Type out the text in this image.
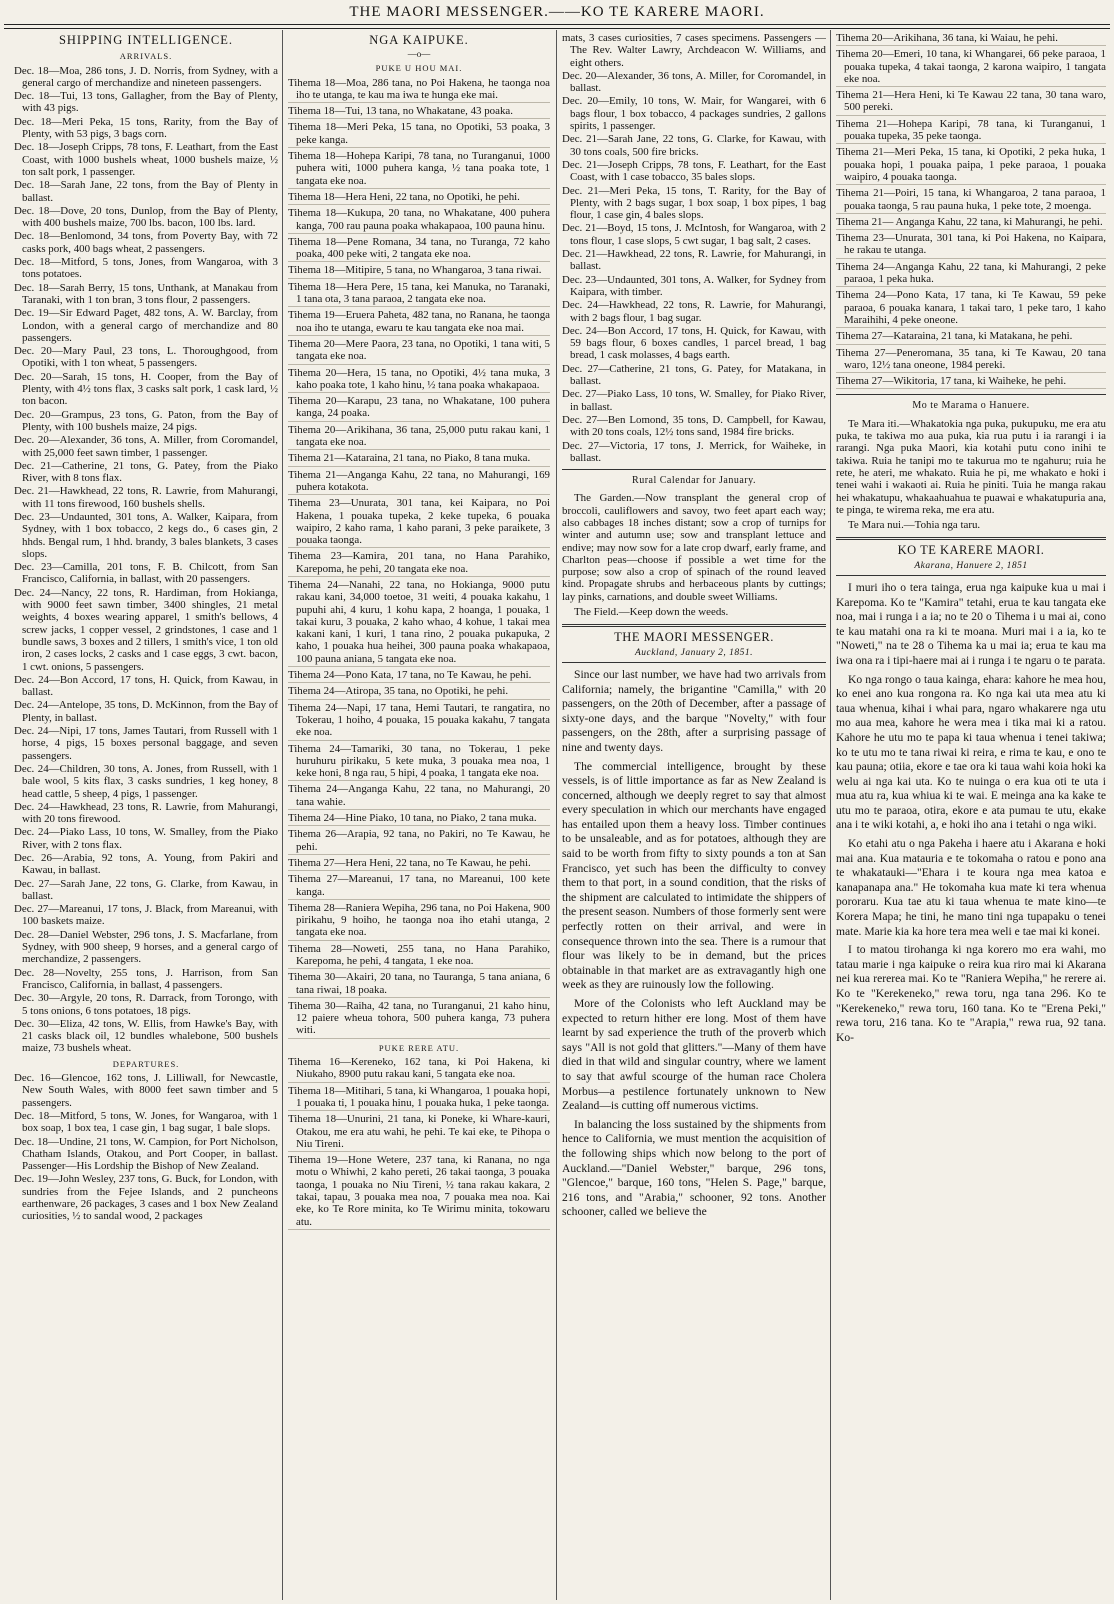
THE MAORI MESSENGER.——KO TE KARERE MAORI.
SHIPPING INTELLIGENCE.
ARRIVALS.

Dec. 18—Moa, 286 tons, J. D. Norris, from Sydney, with a general cargo of merchandize and nineteen passengers.

Dec. 18—Tui, 13 tons, Gallagher, from the Bay of Plenty, with 43 pigs.

Dec. 18—Meri Peka, 15 tons, Rarity, from the Bay of Plenty, with 53 pigs, 3 bags corn.

Dec. 18—Joseph Cripps, 78 tons, F. Leathart, from the East Coast, with 1000 bushels wheat, 1000 bushels maize, ½ ton salt pork, 1 passenger.

Dec. 18—Sarah Jane, 22 tons, from the Bay of Plenty in ballast.

Dec. 18—Dove, 20 tons, Dunlop, from the Bay of Plenty, with 400 bushels maize, 700 lbs. bacon, 100 lbs. lard.

Dec. 18—Benlomond, 34 tons, from Poverty Bay, with 72 casks pork, 400 bags wheat, 2 passengers.

Dec. 18—Mitford, 5 tons, Jones, from Wangaroa, with 3 tons potatoes.

Dec. 18—Sarah Berry, 15 tons, Unthank, at Manakau from Taranaki, with 1 ton bran, 3 tons flour, 2 passengers.

Dec. 19—Sir Edward Paget, 482 tons, A. W. Barclay, from London, with a general cargo of merchandize and 80 passengers.

Dec. 20—Mary Paul, 23 tons, L. Thoroughgood, from Opotiki, with 1 ton wheat, 5 passengers.

Dec. 20—Sarah, 15 tons, H. Cooper, from the Bay of Plenty, with 4½ tons flax, 3 casks salt pork, 1 cask lard, ½ ton bacon.

Dec. 20—Grampus, 23 tons, G. Paton, from the Bay of Plenty, with 100 bushels maize, 24 pigs.

Dec. 20—Alexander, 36 tons, A. Miller, from Coromandel, with 25,000 feet sawn timber, 1 passenger.

Dec. 21—Catherine, 21 tons, G. Patey, from the Piako River, with 8 tons flax.

Dec. 21—Hawkhead, 22 tons, R. Lawrie, from Mahurangi, with 11 tons firewood, 160 bushels shells.

Dec. 23—Undaunted, 301 tons, A. Walker, Kaipara, from Sydney, with 1 box tobacco, 2 kegs do., 6 cases gin, 2 hhds. Bengal rum, 1 hhd. brandy, 3 bales blankets, 3 cases slops.

Dec. 23—Camilla, 201 tons, F. B. Chilcott, from San Francisco, California, in ballast, with 20 passengers.

Dec. 24—Nancy, 22 tons, R. Hardiman, from Hokianga, with 9000 feet sawn timber, 3400 shingles, 21 metal weights, 4 boxes wearing apparel, 1 smith's bellows, 4 screw jacks, 1 copper vessel, 2 grindstones, 1 case and 1 bundle saws, 3 boxes and 2 tillers, 1 smith's vice, 1 ton old iron, 2 cases locks, 2 casks and 1 case eggs, 3 cwt. bacon, 1 cwt. onions, 5 passengers.

Dec. 24—Bon Accord, 17 tons, H. Quick, from Kawau, in ballast.

Dec. 24—Antelope, 35 tons, D. McKinnon, from the Bay of Plenty, in ballast.

Dec. 24—Nipi, 17 tons, James Tautari, from Russell with 1 horse, 4 pigs, 15 boxes personal baggage, and seven passengers.

Dec. 24—Children, 30 tons, A. Jones, from Russell, with 1 bale wool, 5 kits flax, 3 casks sundries, 1 keg honey, 8 head cattle, 5 sheep, 4 pigs, 1 passenger.

Dec. 24—Hawkhead, 23 tons, R. Lawrie, from Mahurangi, with 20 tons firewood.

Dec. 24—Piako Lass, 10 tons, W. Smalley, from the Piako River, with 2 tons flax.

Dec. 26—Arabia, 92 tons, A. Young, from Pakiri and Kawau, in ballast.

Dec. 27—Sarah Jane, 22 tons, G. Clarke, from Kawau, in ballast.

Dec. 27—Mareanui, 17 tons, J. Black, from Mareanui, with 100 baskets maize.

Dec. 28—Daniel Webster, 296 tons, J. S. Macfarlane, from Sydney, with 900 sheep, 9 horses, and a general cargo of merchandize, 2 passengers.

Dec. 28—Novelty, 255 tons, J. Harrison, from San Francisco, California, in ballast, 4 passengers.

Dec. 30—Argyle, 20 tons, R. Darrack, from Torongo, with 5 tons onions, 6 tons potatoes, 18 pigs.

Dec. 30—Eliza, 42 tons, W. Ellis, from Hawke's Bay, with 21 casks black oil, 12 bundles whalebone, 500 bushels maize, 73 bushels wheat.

DEPARTURES.

Dec. 16—Glencoe, 162 tons, J. Lilliwall, for Newcastle, New South Wales, with 8000 feet sawn timber and 5 passengers.

Dec. 18—Mitford, 5 tons, W. Jones, for Wangaroa, with 1 box soap, 1 box tea, 1 case gin, 1 bag sugar, 1 bale slops.

Dec. 18—Undine, 21 tons, W. Campion, for Port Nicholson, Chatham Islands, Otakou, and Port Cooper, in ballast. Passenger—His Lordship the Bishop of New Zealand.

Dec. 19—John Wesley, 237 tons, G. Buck, for London, with sundries from the Fejee Islands, and 2 puncheons earthenware, 26 packages, 3 cases and 1 box New Zealand curiosities, ½ to sandal wood, 2 packages

NGA KAIPUKE.
—o—
PUKE U HOU MAI.

Tihema 18—Moa, 286 tana, no Poi Hakena, he taonga noa iho te utanga, te kau ma iwa te hunga eke mai.

Tihema 18—Tui, 13 tana, no Whakatane, 43 poaka.

Tihema 18—Meri Peka, 15 tana, no Opotiki, 53 poaka, 3 peke kanga.

Tihema 18—Hohepa Karipi, 78 tana, no Turanganui, 1000 puhera witi, 1000 puhera kanga, ½ tana poaka tote, 1 tangata eke noa.

Tihema 18—Hera Heni, 22 tana, no Opotiki, he pehi.

Tihema 18—Kukupa, 20 tana, no Whakatane, 400 puhera kanga, 700 rau pauna poaka whakapaoa, 100 pauna hinu.

Tihema 18—Pene Romana, 34 tana, no Turanga, 72 kaho poaka, 400 peke witi, 2 tangata eke noa.

Tihema 18—Mitipire, 5 tana, no Whangaroa, 3 tana riwai.

Tihema 18—Hera Pere, 15 tana, kei Manuka, no Taranaki, 1 tana ota, 3 tana paraoa, 2 tangata eke noa.

Tihema 19—Eruera Paheta, 482 tana, no Ranana, he taonga noa iho te utanga, ewaru te kau tangata eke noa mai.

Tihema 20—Mere Paora, 23 tana, no Opotiki, 1 tana witi, 5 tangata eke noa.

Tihema 20—Hera, 15 tana, no Opotiki, 4½ tana muka, 3 kaho poaka tote, 1 kaho hinu, ½ tana poaka whakapaoa.

Tihema 20—Karapu, 23 tana, no Whakatane, 100 puhera kanga, 24 poaka.

Tihema 20—Arikihana, 36 tana, 25,000 putu rakau kani, 1 tangata eke noa.

Tihema 21—Kataraina, 21 tana, no Piako, 8 tana muka.

Tihema 21—Anganga Kahu, 22 tana, no Mahurangi, 169 puhera kotakota.

Tihema 23—Unurata, 301 tana, kei Kaipara, no Poi Hakena, 1 pouaka tupeka, 2 keke tupeka, 6 pouaka waipiro, 2 kaho rama, 1 kaho parani, 3 peke paraikete, 3 pouaka taonga.

Tihema 23—Kamira, 201 tana, no Hana Parahiko, Karepoma, he pehi, 20 tangata eke noa.

Tihema 24—Nanahi, 22 tana, no Hokianga, 9000 putu rakau kani, 34,000 toetoe, 31 weiti, 4 pouaka kakahu, 1 pupuhi ahi, 4 kuru, 1 kohu kapa, 2 hoanga, 1 pouaka, 1 takai kuru, 3 pouaka, 2 kaho whao, 4 kohue, 1 takai mea kakani kani, 1 kuri, 1 tana rino, 2 pouaka pukapuka, 2 kaho, 1 pouaka hua heihei, 300 pauna poaka whakapaoa, 100 pauna aniana, 5 tangata eke noa.

Tihema 24—Pono Kata, 17 tana, no Te Kawau, he pehi.

Tihema 24—Atiropa, 35 tana, no Opotiki, he pehi.

Tihema 24—Napi, 17 tana, Hemi Tautari, te rangatira, no Tokerau, 1 hoiho, 4 pouaka, 15 pouaka kakahu, 7 tangata eke noa.

Tihema 24—Tamariki, 30 tana, no Tokerau, 1 peke huruhuru pirikaku, 5 kete muka, 3 pouaka mea noa, 1 keke honi, 8 nga rau, 5 hipi, 4 poaka, 1 tangata eke noa.

Tihema 24—Anganga Kahu, 22 tana, no Mahurangi, 20 tana wahie.

Tihema 24—Hine Piako, 10 tana, no Piako, 2 tana muka.

Tihema 26—Arapia, 92 tana, no Pakiri, no Te Kawau, he pehi.

Tihema 27—Hera Heni, 22 tana, no Te Kawau, he pehi.

Tihema 27—Mareanui, 17 tana, no Mareanui, 100 kete kanga.

Tihema 28—Raniera Wepiha, 296 tana, no Poi Hakena, 900 pirikahu, 9 hoiho, he taonga noa iho etahi utanga, 2 tangata eke noa.

Tihema 28—Noweti, 255 tana, no Hana Parahiko, Karepoma, he pehi, 4 tangata, 1 eke noa.

Tihema 30—Akairi, 20 tana, no Tauranga, 5 tana aniana, 6 tana riwai, 18 poaka.

Tihema 30—Raiha, 42 tana, no Turanganui, 21 kaho hinu, 12 paiere wheua tohora, 500 puhera kanga, 73 puhera witi.

PUKE RERE ATU.

Tihema 16—Kereneko, 162 tana, ki Poi Hakena, ki Niukaho, 8900 putu rakau kani, 5 tangata eke noa.

Tihema 18—Mitihari, 5 tana, ki Whangaroa, 1 pouaka hopi, 1 pouaka ti, 1 pouaka hinu, 1 pouaka huka, 1 peke taonga.

Tihema 18—Unurini, 21 tana, ki Poneke, ki Whare-kauri, Otakou, me era atu wahi, he pehi. Te kai eke, te Pihopa o Niu Tireni.

Tihema 19—Hone Wetere, 237 tana, ki Ranana, no nga motu o Whiwhi, 2 kaho pereti, 26 takai taonga, 3 pouaka taonga, 1 pouaka no Niu Tireni, ½ tana rakau kakara, 2 takai, tapau, 3 pouaka mea noa, 7 pouaka mea noa. Kai eke, ko Te Rore minita, ko Te Wirimu minita, tokowaru atu.

mats, 3 cases curiosities, 7 cases specimens. Passengers — The Rev. Walter Lawry, Archdeacon W. Williams, and eight others.

Dec. 20—Alexander, 36 tons, A. Miller, for Coromandel, in ballast.

Dec. 20—Emily, 10 tons, W. Mair, for Wangarei, with 6 bags flour, 1 box tobacco, 4 packages sundries, 2 gallons spirits, 1 passenger.

Dec. 21—Sarah Jane, 22 tons, G. Clarke, for Kawau, with 30 tons coals, 500 fire bricks.

Dec. 21—Joseph Cripps, 78 tons, F. Leathart, for the East Coast, with 1 case tobacco, 35 bales slops.

Dec. 21—Meri Peka, 15 tons, T. Rarity, for the Bay of Plenty, with 2 bags sugar, 1 box soap, 1 box pipes, 1 bag flour, 1 case gin, 4 bales slops.

Dec. 21—Boyd, 15 tons, J. McIntosh, for Wangaroa, with 2 tons flour, 1 case slops, 5 cwt sugar, 1 bag salt, 2 cases.

Dec. 21—Hawkhead, 22 tons, R. Lawrie, for Mahurangi, in ballast.

Dec. 23—Undaunted, 301 tons, A. Walker, for Sydney from Kaipara, with timber.

Dec. 24—Hawkhead, 22 tons, R. Lawrie, for Mahurangi, with 2 bags flour, 1 bag sugar.

Dec. 24—Bon Accord, 17 tons, H. Quick, for Kawau, with 59 bags flour, 6 boxes candles, 1 parcel bread, 1 bag bread, 1 cask molasses, 4 bags earth.

Dec. 27—Catherine, 21 tons, G. Patey, for Matakana, in ballast.

Dec. 27—Piako Lass, 10 tons, W. Smalley, for Piako River, in ballast.

Dec. 27—Ben Lomond, 35 tons, D. Campbell, for Kawau, with 20 tons coals, 12½ tons sand, 1984 fire bricks.

Dec. 27—Victoria, 17 tons, J. Merrick, for Waiheke, in ballast.

Rural Calendar for January.

The Garden.—Now transplant the general crop of broccoli, cauliflowers and savoy, two feet apart each way; also cabbages 18 inches distant; sow a crop of turnips for winter and autumn use; sow and transplant lettuce and endive; may now sow for a late crop dwarf, early frame, and Charlton peas—choose if possible a wet time for the purpose; sow also a crop of spinach of the round leaved kind. Propagate shrubs and herbaceous plants by cuttings; lay pinks, carnations, and double sweet Williams.

The Field.—Keep down the weeds.

THE MAORI MESSENGER.
Auckland, January 2, 1851.

Since our last number, we have had two arrivals from California; namely, the brigantine "Camilla," with 20 passengers, on the 20th of December, after a passage of sixty-one days, and the barque "Novelty," with four passengers, on the 28th, after a surprising passage of nine and twenty days.

The commercial intelligence, brought by these vessels, is of little importance as far as New Zealand is concerned, although we deeply regret to say that almost every speculation in which our merchants have engaged has entailed upon them a heavy loss. Timber continues to be unsaleable, and as for potatoes, although they are said to be worth from fifty to sixty pounds a ton at San Francisco, yet such has been the difficulty to convey them to that port, in a sound condition, that the risks of the shipment are calculated to intimidate the shippers of the present season. Numbers of those formerly sent were perfectly rotten on their arrival, and were in consequence thrown into the sea. There is a rumour that flour was likely to be in demand, but the prices obtainable in that market are as extravagantly high one week as they are ruinously low the following.

More of the Colonists who left Auckland may be expected to return hither ere long. Most of them have learnt by sad experience the truth of the proverb which says "All is not gold that glitters."—Many of them have died in that wild and singular country, where we lament to say that awful scourge of the human race Cholera Morbus—a pestilence fortunately unknown to New Zealand—is cutting off numerous victims.

In balancing the loss sustained by the shipments from hence to California, we must mention the acquisition of the following ships which now belong to the port of Auckland.—"Daniel Webster," barque, 296 tons, "Glencoe," barque, 160 tons, "Helen S. Page," barque, 216 tons, and "Arabia," schooner, 92 tons. Another schooner, called we believe the

Tihema 20—Arikihana, 36 tana, ki Waiau, he pehi.

Tihema 20—Emeri, 10 tana, ki Whangarei, 66 peke paraoa, 1 pouaka tupeka, 4 takai taonga, 2 karona waipiro, 1 tangata eke noa.

Tihema 21—Hera Heni, ki Te Kawau 22 tana, 30 tana waro, 500 pereki.

Tihema 21—Hohepa Karipi, 78 tana, ki Turanganui, 1 pouaka tupeka, 35 peke taonga.

Tihema 21—Meri Peka, 15 tana, ki Opotiki, 2 peka huka, 1 pouaka hopi, 1 pouaka paipa, 1 peke paraoa, 1 pouaka waipiro, 4 pouaka taonga.

Tihema 21—Poiri, 15 tana, ki Whangaroa, 2 tana paraoa, 1 pouaka taonga, 5 rau pauna huka, 1 peke tote, 2 moenga.

Tihema 21— Anganga Kahu, 22 tana, ki Mahurangi, he pehi.

Tihema 23—Unurata, 301 tana, ki Poi Hakena, no Kaipara, he rakau te utanga.

Tihema 24—Anganga Kahu, 22 tana, ki Mahurangi, 2 peke paraoa, 1 peka huka.

Tihema 24—Pono Kata, 17 tana, ki Te Kawau, 59 peke paraoa, 6 pouaka kanara, 1 takai taro, 1 peke taro, 1 kaho Maraihihi, 4 peke oneone.

Tihema 27—Kataraina, 21 tana, ki Matakana, he pehi.

Tihema 27—Peneromana, 35 tana, ki Te Kawau, 20 tana waro, 12½ tana oneone, 1984 pereki.

Tihema 27—Wikitoria, 17 tana, ki Waiheke, he pehi.

Mo te Marama o Hanuere.

Te Mara iti.—Whakatokia nga puka, pukupuku, me era atu puka, te takiwa mo aua puka, kia rua putu i ia rarangi i ia rarangi. Nga puka Maori, kia kotahi putu cono inihi te takiwa. Ruia he tanipi mo te takurua mo te ngahuru; ruia he rete, he ateri, me whakato. Ruia he pi, me whakato e hoki i tenei wahi i wakaoti ai. Ruia he piniti. Tuia he manga rakau hei whakatupu, whakaahuahua te puawai e whakatupuria ana, te pinga, te wirema reka, me era atu.

Te Mara nui.—Tohia nga taru.

KO TE KARERE MAORI.
Akarana, Hanuere 2, 1851

I muri iho o tera tainga, erua nga kaipuke kua u mai i Karepoma. Ko te "Kamira" tetahi, erua te kau tangata eke noa, mai i runga i a ia; no te 20 o Tihema i u mai ai, cono te kau matahi ona ra ki te moana. Muri mai i a ia, ko te "Noweti," na te 28 o Tihema ka u mai ia; erua te kau ma iwa ona ra i tipi-haere mai ai i runga i te ngaru o te parata.

Ko nga rongo o taua kainga, ehara: kahore he mea hou, ko enei ano kua rongona ra. Ko nga kai uta mea atu ki taua whenua, kihai i whai para, ngaro whakarere nga utu mo aua mea, kahore he wera mea i tika mai ki a ratou. Kahore he utu mo te papa ki taua whenua i tenei takiwa; ko te utu mo te tana riwai ki reira, e rima te kau, e ono te kau pauna; otiia, ekore e tae ora ki taua wahi koia hoki ka welu ai nga kai uta. Ko te nuinga o era kua oti te uta i mua atu ra, kua whiua ki te wai. E meinga ana ka kake te utu mo te paraoa, otira, ekore e ata pumau te utu, ekake ana i te wiki kotahi, a, e hoki iho ana i tetahi o nga wiki.

Ko etahi atu o nga Pakeha i haere atu i Akarana e hoki mai ana. Kua matauria e te tokomaha o ratou e pono ana te whakatauki—"Ehara i te koura nga mea katoa e kanapanapa ana." He tokomaha kua mate ki tera whenua pororaru. Kua tae atu ki taua whenua te mate kino—te Korera Mapa; he tini, he mano tini nga tupapaku o tenei mate. Marie kia ka hore tera mea weli e tae mai ki konei.

I to matou tirohanga ki nga korero mo era wahi, mo tatau marie i nga kaipuke o reira kua riro mai ki Akarana nei kua rererea mai. Ko te "Raniera Wepiha," he rerere ai. Ko te "Kerekeneko," rewa toru, nga tana 296. Ko te "Kerekeneko," rewa toru, 160 tana. Ko te "Erena Peki," rewa toru, 216 tana. Ko te "Arapia," rewa rua, 92 tana. Ko-
